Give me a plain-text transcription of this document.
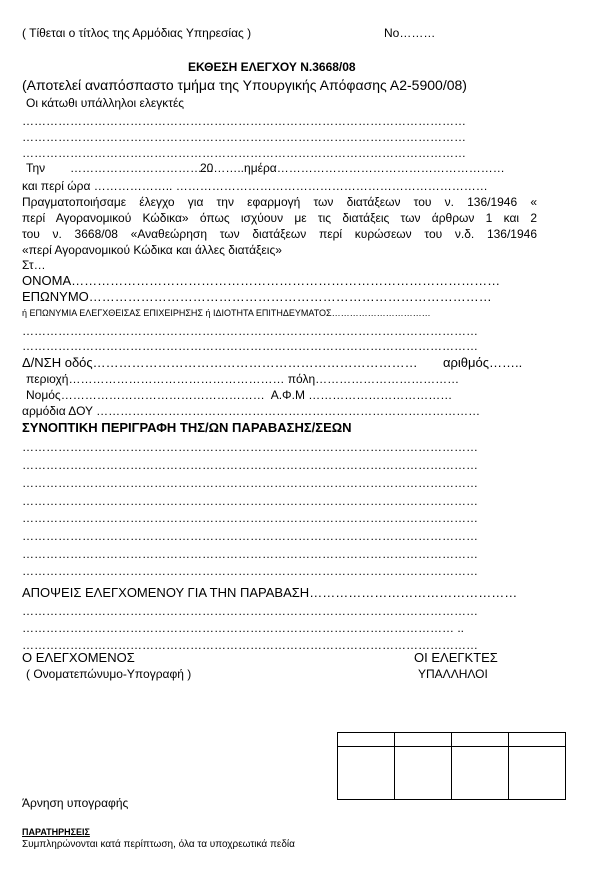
( Τίθεται ο τίτλος της Αρμόδιας Υπηρεσίας )	Νο………
ΕΚΘΕΣΗ ΕΛΕΓΧΟΥ Ν.3668/08
(Αποτελεί αναπόσπαστο τμήμα της Υπουργικής Απόφασης Α2-5900/08)
Οι κάτωθι υπάλληλοι ελεγκτές
…………………………………………………………………………………………………
…………………………………………………………………………………………………
…………………………………………………………………………………………………
Την ………………………………
20……..ημέρα…………………………………………………
και περί ώρα ……………….. ……………………………………………………………………
Πραγματοποιήσαμε έλεγχο για την εφαρμογή των διατάξεων του ν. 136/1946 «
περί Αγορανομικού Κώδικα» όπως ισχύουν με τις διατάξεις των άρθρων 1 και 2
του ν. 3668/08 «Αναθεώρηση των διατάξεων περί κυρώσεων του ν.δ. 136/1946
«περί Αγορανομικού Κώδικα και άλλες διατάξεις»
Στ…
ΟΝΟΜΑ………………………………………………………………………………………
ΕΠΩΝΥΜΟ…………………………………………………………………………………
ή ΕΠΩΝΥΜΙΑ ΕΛΕΓΧΘΕΙΣΑΣ ΕΠΙΧΕΙΡΗΣΗΣ ή ΙΔΙΟΤΗΤΑ ΕΠΙΤΗΔΕΥΜΑΤΟΣ……………………………
……………………………………………………………………………………………………
……………………………………………………………………………………………………
Δ/ΝΣΗ οδός………………………………………………………………… αριθμός……..
περιοχή……………………………………………… πόλη………………………………
Νομός……………………………………………  Α.Φ.Μ ………………………………
αρμόδια ΔΟΥ ……………………………………………………………………………………
ΣΥΝΟΠΤΙΚΗ ΠΕΡΙΓΡΑΦΗ ΤΗΣ/ΩΝ ΠΑΡΑΒΑΣΗΣ/ΣΕΩΝ
……………………………………………………………………………………………………
……………………………………………………………………………………………………
……………………………………………………………………………………………………
……………………………………………………………………………………………………
……………………………………………………………………………………………………
……………………………………………………………………………………………………
……………………………………………………………………………………………………
……………………………………………………………………………………………………
ΑΠΟΨΕΙΣ ΕΛΕΓΧΟΜΕΝΟΥ ΓΙΑ ΤΗΝ ΠΑΡΑΒΑΣΗ…………………………………………
……………………………………………………………………………………………………
……………………………………………………………………………………………… ..
……………………………………………………………………………………………………
Ο ΕΛΕΓΧΟΜΕΝΟΣ
( Ονοματεπώνυμο-Υπογραφή )
ΟΙ ΕΛΕΓΚΤΕΣ
ΥΠΑΛΛΗΛΟΙ

Άρνηση υπογραφής
ΠΑΡΑΤΗΡΗΣΕΙΣ
Συμπληρώνονται κατά περίπτωση, όλα τα υποχρεωτικά πεδία
